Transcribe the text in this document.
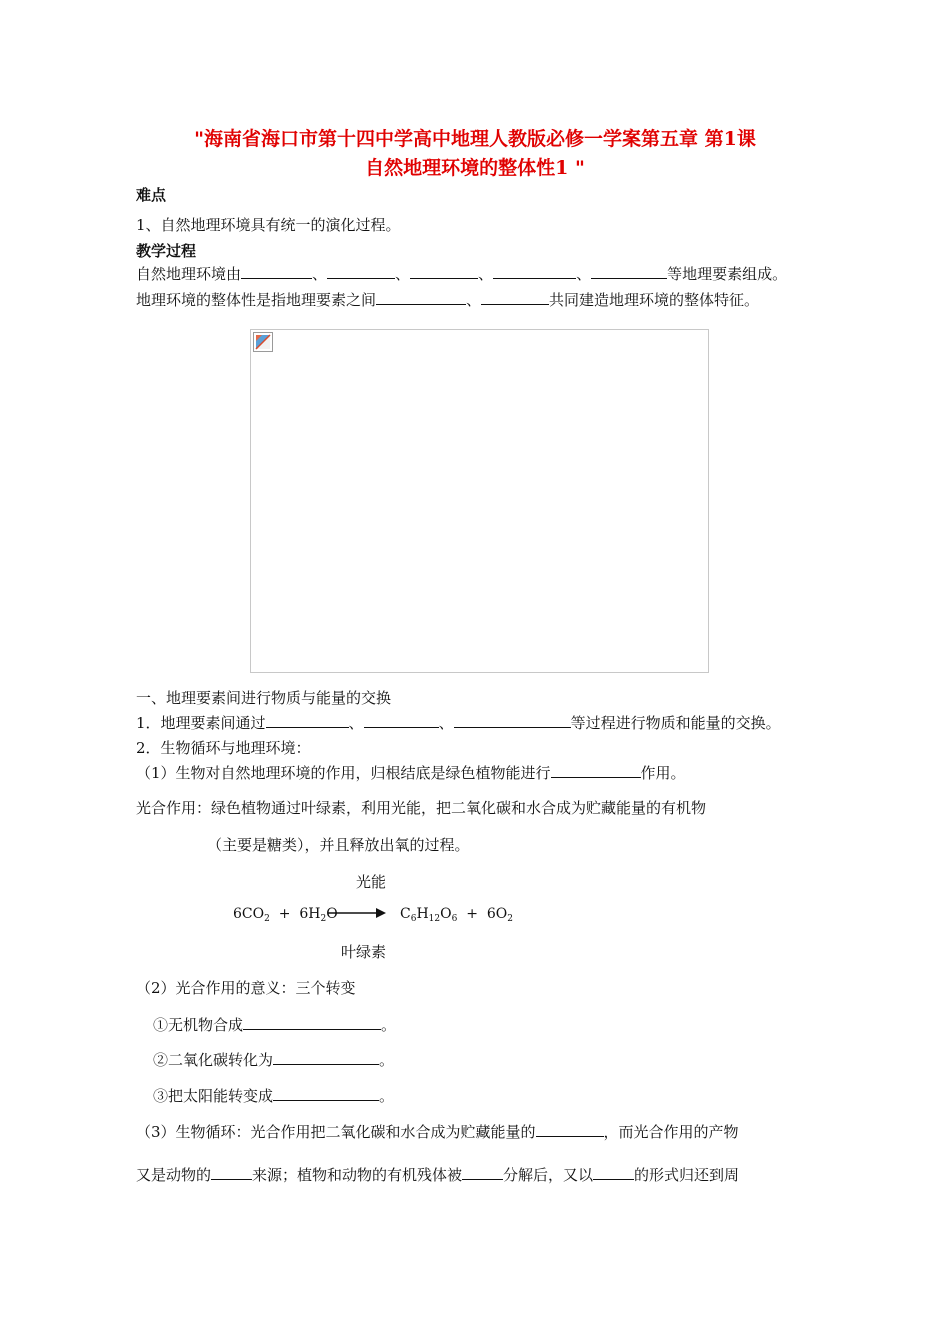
"海南省海口市第十四中学高中地理人教版必修一学案第五章 第1课
自然地理环境的整体性1 "
难点
1、自然地理环境具有统一的演化过程。
教学过程
自然地理环境由	、	、	、	、	等地理要素组成。
地理环境的整体性是指地理要素之间	、	共同建造地理环境的整体特征。
一、地理要素间进行物质与能量的交换
1．地理要素间通过	、	、	等过程进行物质和能量的交换。
2．生物循环与地理环境：
（1）生物对自然地理环境的作用，归根结底是绿色植物能进行	作用。
光合作用：绿色植物通过叶绿素，利用光能，把二氧化碳和水合成为贮藏能量的有机物
（主要是糖类），并且释放出氧的过程。
光能
$6CO_2 + 6H_2O \to C_6H_{12}O_6 + 6O_2$
叶绿素
（2）光合作用的意义：三个转变
①无机物合成	。
②二氧化碳转化为	。
③把太阳能转变成	。
（3）生物循环：光合作用把二氧化碳和水合成为贮藏能量的	，而光合作用的产物
又是动物的	来源；植物和动物的有机残体被	分解后，又以	的形式归还到周
